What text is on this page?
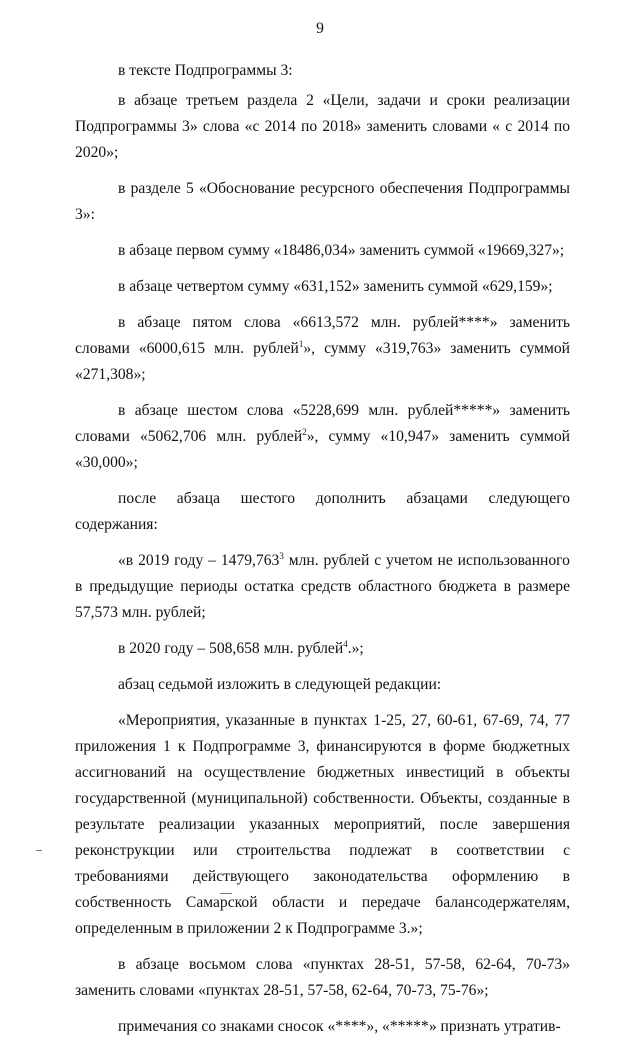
9

в тексте Подпрограммы 3:

в абзаце третьем раздела 2 «Цели, задачи и сроки реализации Подпрограммы 3» слова «с 2014 по 2018» заменить словами « с 2014 по 2020»;

в разделе 5 «Обоснование ресурсного обеспечения Подпрограммы 3»:

в абзаце первом сумму «18486,034» заменить суммой «19669,327»;

в абзаце четвертом сумму «631,152» заменить суммой «629,159»;

в абзаце пятом слова «6613,572 млн. рублей****» заменить словами «6000,615 млн. рублей$^1$», сумму «319,763» заменить суммой «271,308»;

в абзаце шестом слова «5228,699 млн. рублей*****» заменить словами «5062,706 млн. рублей$^2$», сумму «10,947» заменить суммой «30,000»;

после абзаца шестого дополнить абзацами следующего содержания:

«в 2019 году – 1479,763$^3$ млн. рублей с учетом не использованного в предыдущие периоды остатка средств областного бюджета в размере 57,573 млн. рублей;

в 2020 году – 508,658 млн. рублей$^4$.»;

абзац седьмой изложить в следующей редакции:

«Мероприятия, указанные в пунктах 1-25, 27, 60-61, 67-69, 74, 77 приложения 1 к Подпрограмме 3, финансируются в форме бюджетных ассигнований на осуществление бюджетных инвестиций в объекты государственной (муниципальной) собственности. Объекты, созданные в результате реализации указанных мероприятий, после завершения реконструкции или строительства подлежат в соответствии с требованиями действующего законодательства оформлению в собственность Самарской области и передаче балансодержателям, определенным в приложении 2 к Подпрограмме 3.»;

в абзаце восьмом слова «пунктах 28-51, 57-58, 62-64, 70-73» заменить словами «пунктах 28-51, 57-58, 62-64, 70-73, 75-76»;

примечания со знаками сносок «****», «*****» признать утратив-
